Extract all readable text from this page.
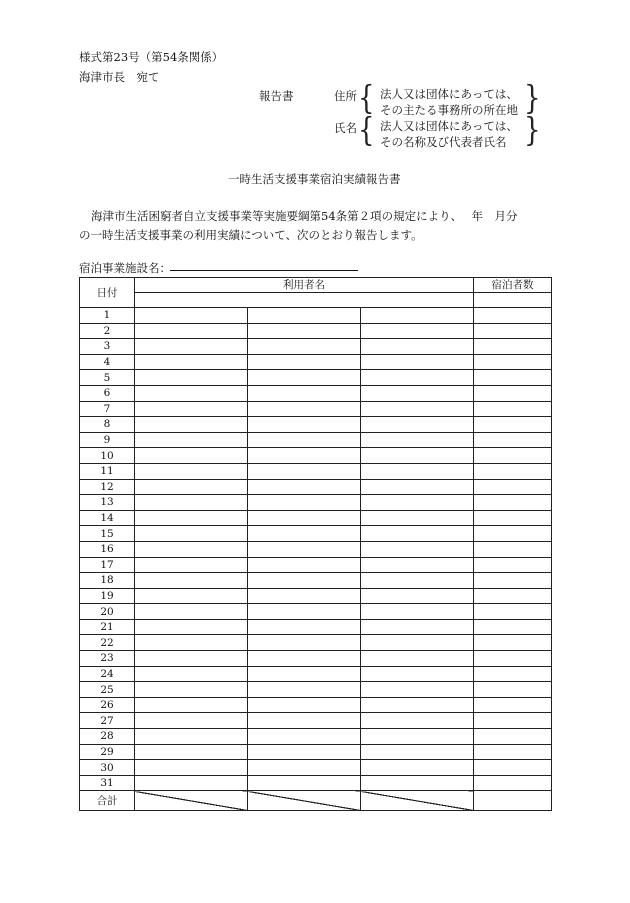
様式第23号（第54条関係）
海津市長　宛て
報告書	住所 { 法人又は団体にあっては、
その主たる事務所の所在地 }
氏名 { 法人又は団体にあっては、
その名称及び代表者氏名 }
一時生活支援事業宿泊実績報告書
海津市生活困窮者自立支援事業等実施要綱第54条第２項の規定により、　 年　月分
の一時生活支援事業の利用実績について、次のとおり報告します。
宿泊事業施設名：
日付	利用者名			宿泊者数

1				
2				
3				
4				
5				
6				
7				
8				
9				
10				
11				
12				
13				
14				
15				
16				
17				
18				
19				
20				
21				
22				
23				
24				
25				
26				
27				
28				
29				
30				
31				
合計				
